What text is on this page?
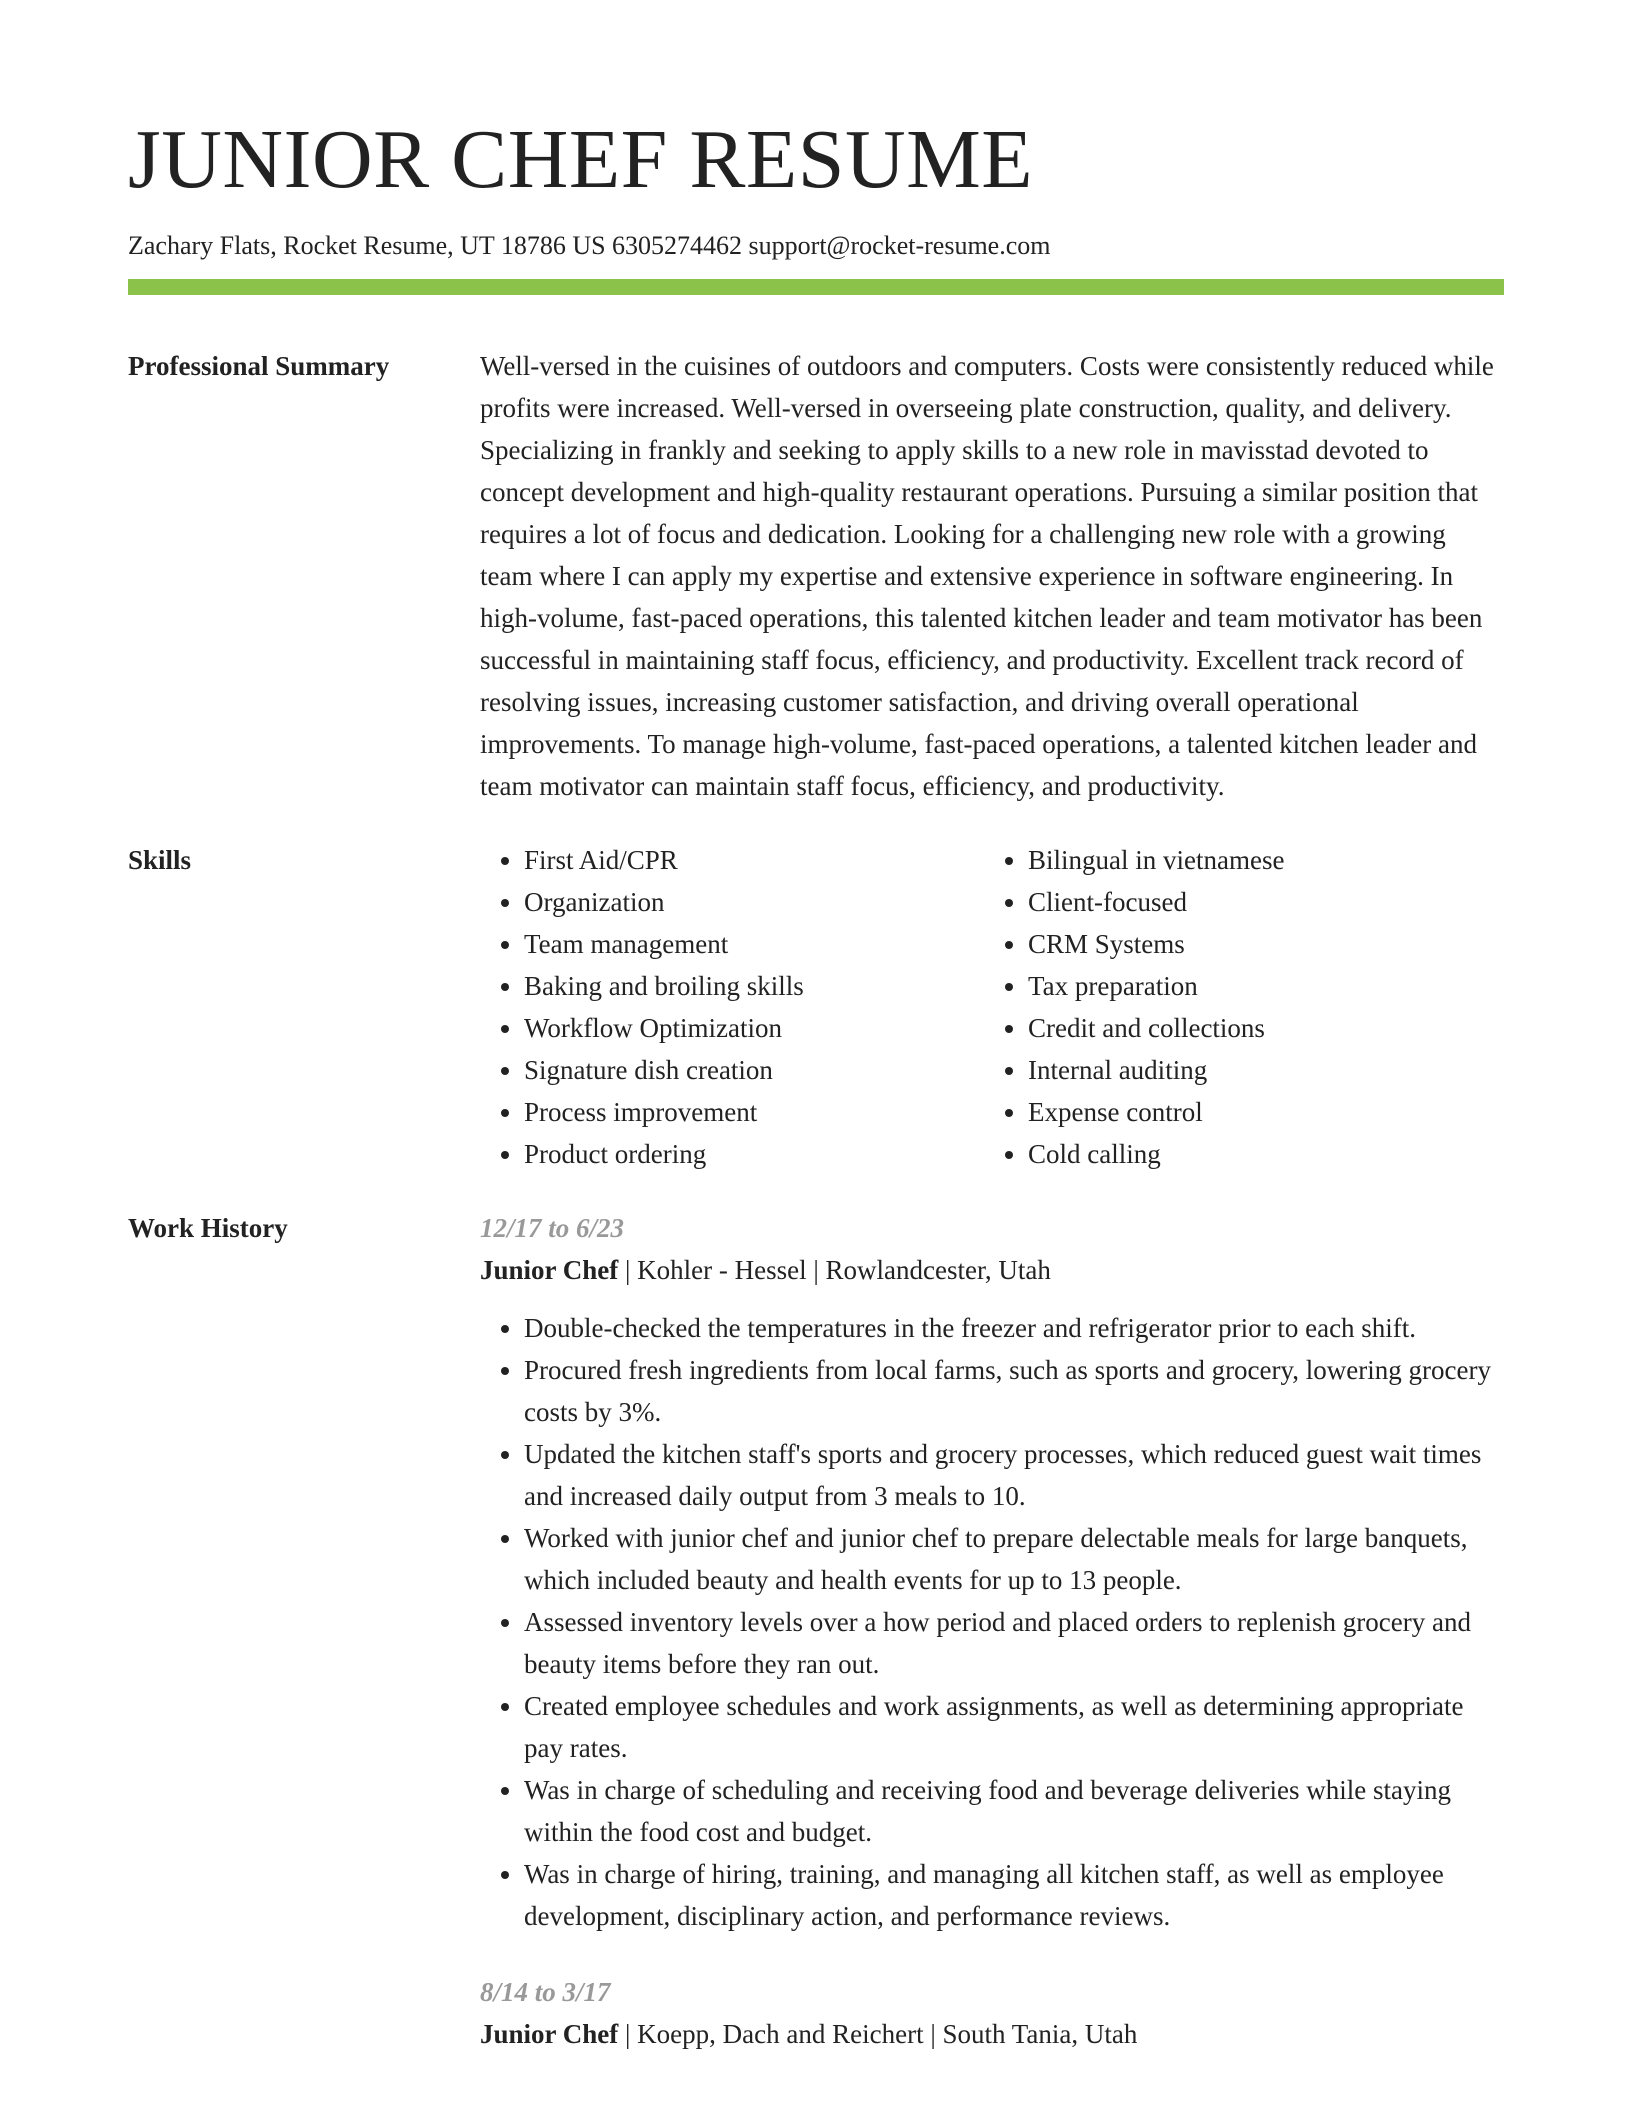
JUNIOR CHEF RESUME
Zachary Flats, Rocket Resume, UT 18786 US 6305274462 support@rocket-resume.com
Professional Summary	Well-versed in the cuisines of outdoors and computers. Costs were consistently reduced while profits were increased. Well-versed in overseeing plate construction, quality, and delivery. Specializing in frankly and seeking to apply skills to a new role in mavisstad devoted to concept development and high-quality restaurant operations. Pursuing a similar position that requires a lot of focus and dedication. Looking for a challenging new role with a growing team where I can apply my expertise and extensive experience in software engineering. In high-volume, fast-paced operations, this talented kitchen leader and team motivator has been successful in maintaining staff focus, efficiency, and productivity. Excellent track record of resolving issues, increasing customer satisfaction, and driving overall operational improvements. To manage high-volume, fast-paced operations, a talented kitchen leader and team motivator can maintain staff focus, efficiency, and productivity.
Skills
•	First Aid/CPR
• Organization
• Team management
• Baking and broiling skills
• Workflow Optimization
• Signature dish creation
• Process improvement
• Product ordering
• Bilingual in vietnamese
• Client-focused
• CRM Systems
• Tax preparation
• Credit and collections
• Internal auditing
• Expense control
• Cold calling
Work History	12/17 to 6/23
Junior Chef | Kohler - Hessel | Rowlandcester, Utah
• Double-checked the temperatures in the freezer and refrigerator prior to each shift.
• Procured fresh ingredients from local farms, such as sports and grocery, lowering grocery costs by 3%.
• Updated the kitchen staff's sports and grocery processes, which reduced guest wait times and increased daily output from 3 meals to 10.
• Worked with junior chef and junior chef to prepare delectable meals for large banquets, which included beauty and health events for up to 13 people.
• Assessed inventory levels over a how period and placed orders to replenish grocery and beauty items before they ran out.
• Created employee schedules and work assignments, as well as determining appropriate pay rates.
• Was in charge of scheduling and receiving food and beverage deliveries while staying within the food cost and budget.
• Was in charge of hiring, training, and managing all kitchen staff, as well as employee development, disciplinary action, and performance reviews.
8/14 to 3/17
Junior Chef | Koepp, Dach and Reichert | South Tania, Utah
